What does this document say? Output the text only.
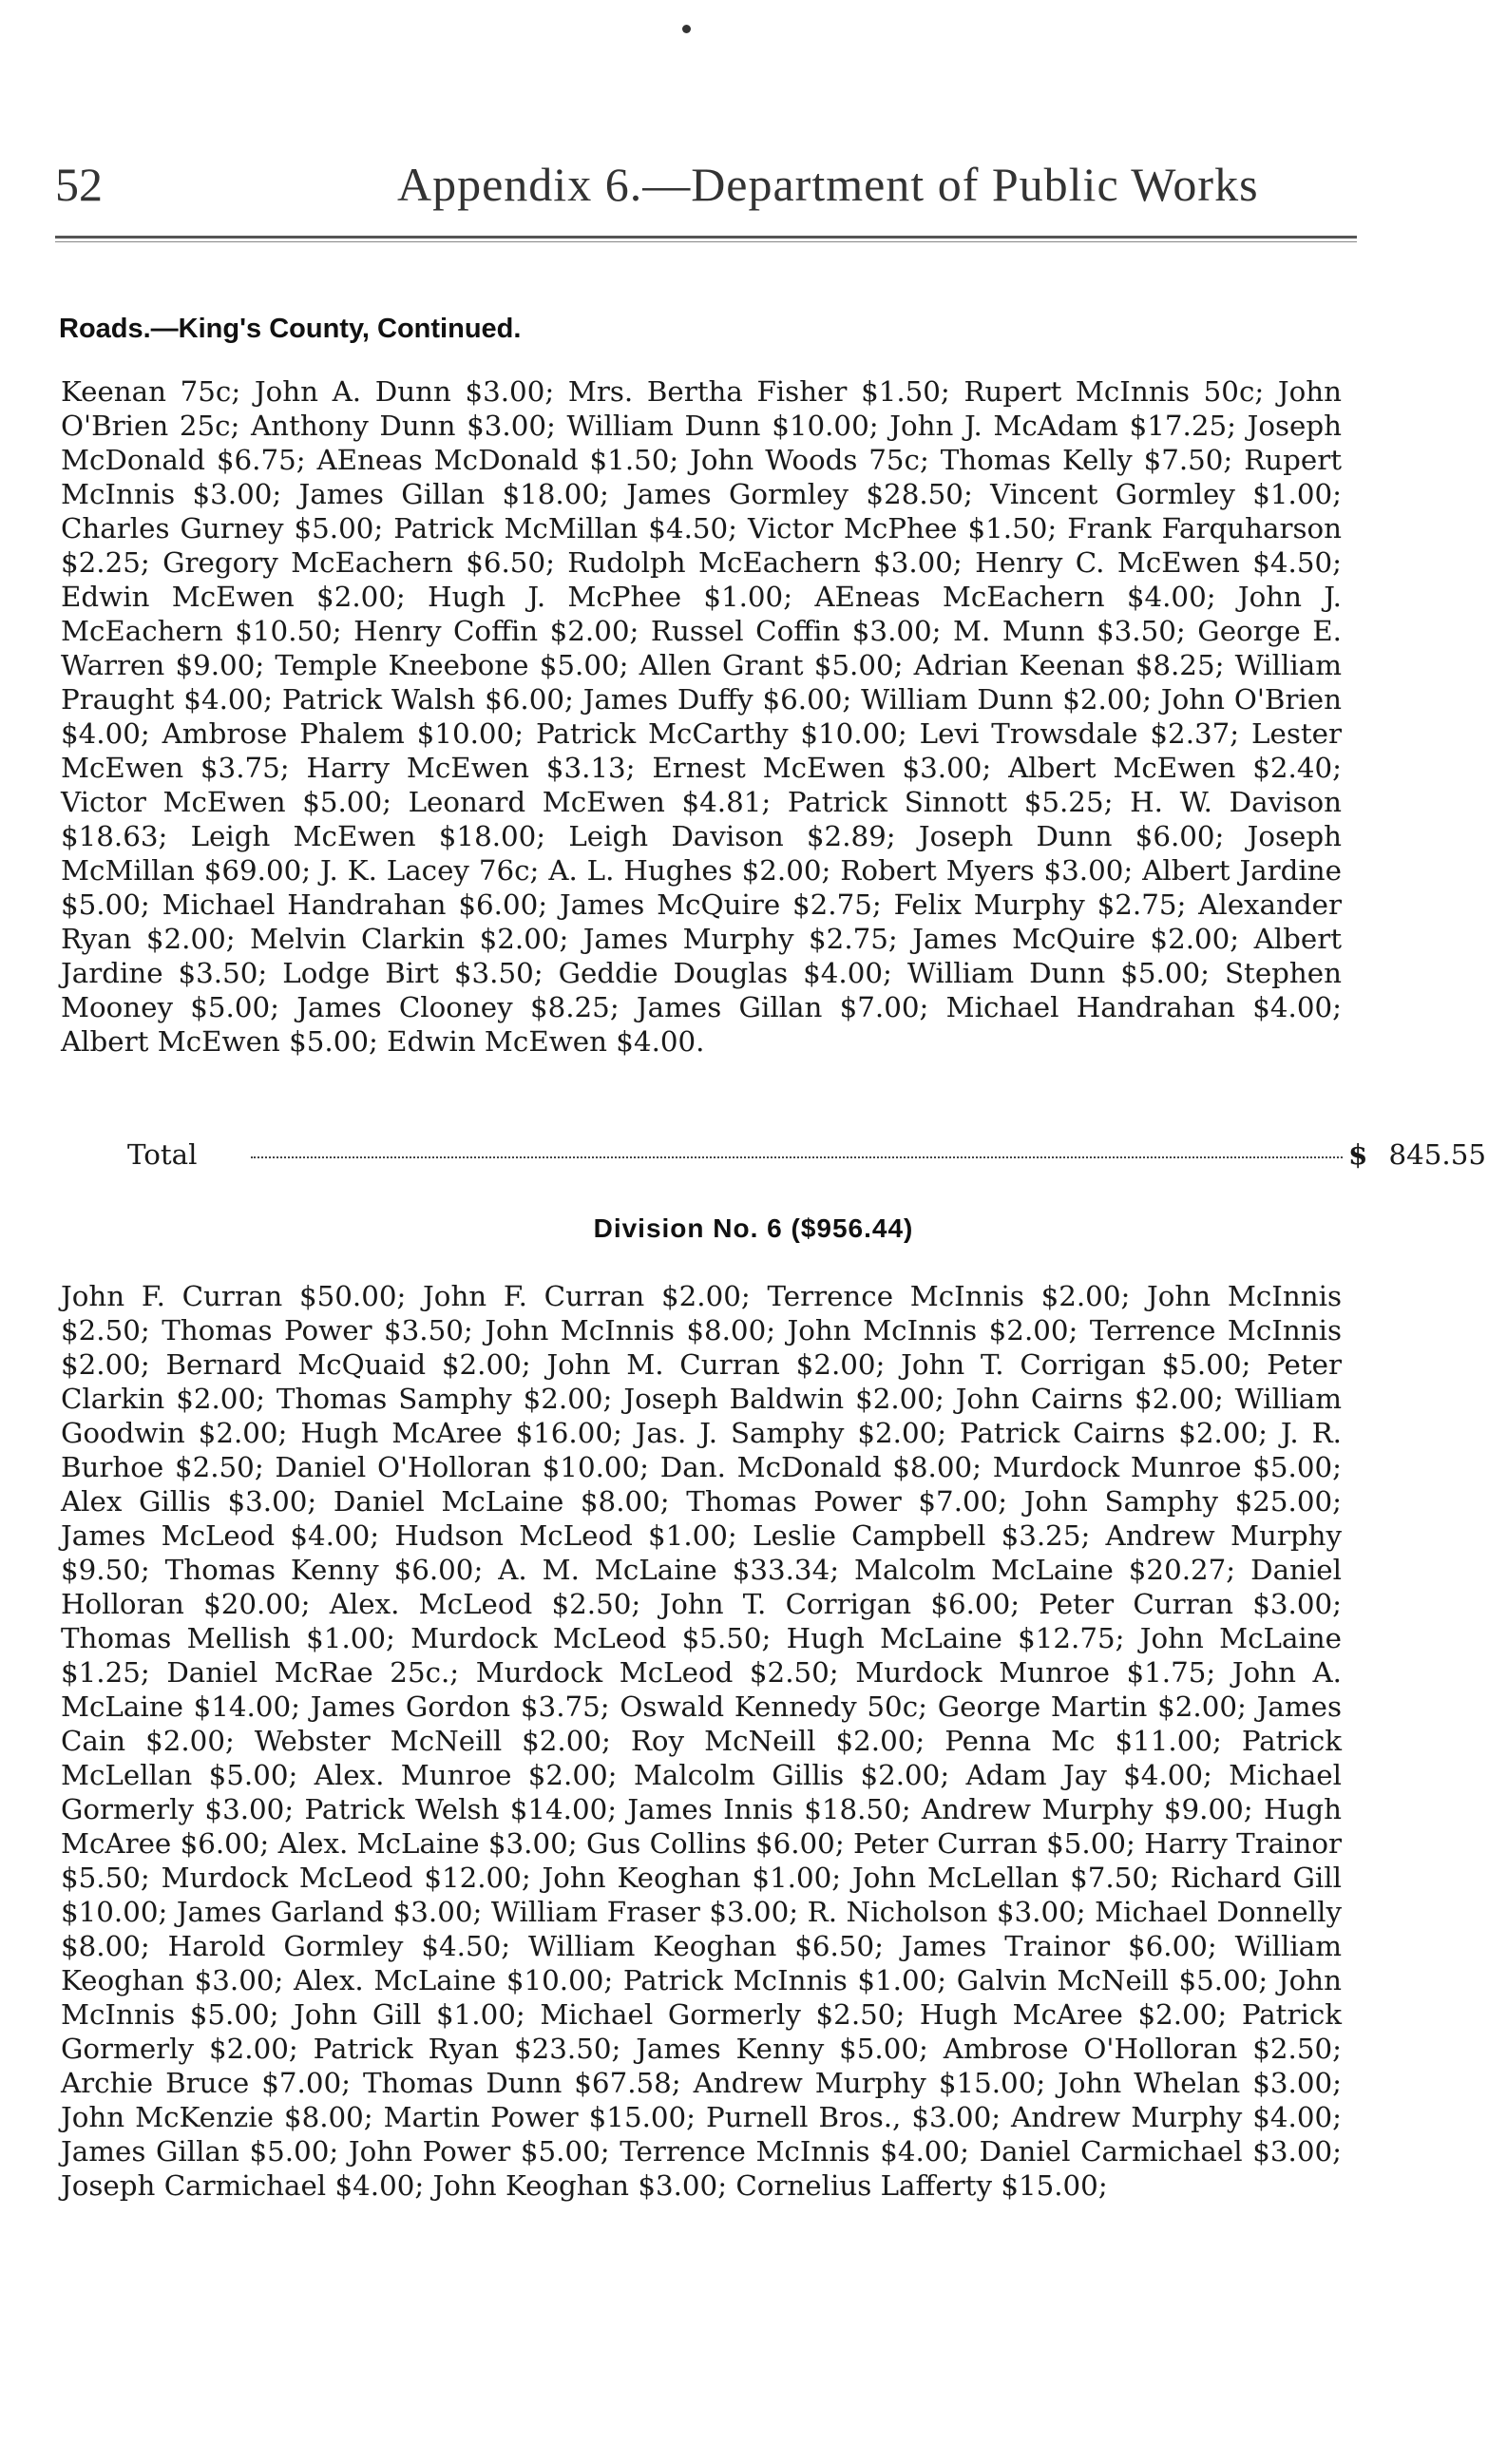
52	Appendix 6.—Department of Public Works
Roads.—King's County, Continued.
Keenan 75c; John A. Dunn $3.00; Mrs. Bertha Fisher $1.50; Rupert McInnis 50c; John O'Brien 25c; Anthony Dunn $3.00; William Dunn $10.00; John J. McAdam $17.25; Joseph McDonald $6.75; AEneas McDonald $1.50; John Woods 75c; Thomas Kelly $7.50; Rupert McInnis $3.00; James Gillan $18.00; James Gormley $28.50; Vincent Gormley $1.00; Charles Gurney $5.00; Patrick McMillan $4.50; Victor McPhee $1.50; Frank Farquharson $2.25; Gregory McEachern $6.50; Rudolph McEachern $3.00; Henry C. McEwen $4.50; Edwin McEwen $2.00; Hugh J. McPhee $1.00; AEneas McEachern $4.00; John J. McEachern $10.50; Henry Coffin $2.00; Russel Coffin $3.00; M. Munn $3.50; George E. Warren $9.00; Temple Kneebone $5.00; Allen Grant $5.00; Adrian Keenan $8.25; William Praught $4.00; Patrick Walsh $6.00; James Duffy $6.00; William Dunn $2.00; John O'Brien $4.00; Ambrose Phalem $10.00; Patrick McCarthy $10.00; Levi Trowsdale $2.37; Lester McEwen $3.75; Harry McEwen $3.13; Ernest McEwen $3.00; Albert McEwen $2.40; Victor McEwen $5.00; Leonard McEwen $4.81; Patrick Sinnott $5.25; H. W. Davison $18.63; Leigh McEwen $18.00; Leigh Davison $2.89; Joseph Dunn $6.00; Joseph McMillan $69.00; J. K. Lacey 76c; A. L. Hughes $2.00; Robert Myers $3.00; Albert Jardine $5.00; Michael Handrahan $6.00; James McQuire $2.75; Felix Murphy $2.75; Alexander Ryan $2.00; Melvin Clarkin $2.00; James Murphy $2.75; James McQuire $2.00; Albert Jardine $3.50; Lodge Birt $3.50; Geddie Douglas $4.00; William Dunn $5.00; Stephen Mooney $5.00; James Clooney $8.25; James Gillan $7.00; Michael Handrahan $4.00; Albert McEwen $5.00; Edwin McEwen $4.00.
Total	$ 845.55
Division No. 6 ($956.44)
John F. Curran $50.00; John F. Curran $2.00; Terrence McInnis $2.00; John McInnis $2.50; Thomas Power $3.50; John McInnis $8.00; John McInnis $2.00; Terrence McInnis $2.00; Bernard McQuaid $2.00; John M. Curran $2.00; John T. Corrigan $5.00; Peter Clarkin $2.00; Thomas Samphy $2.00; Joseph Baldwin $2.00; John Cairns $2.00; William Goodwin $2.00; Hugh McAree $16.00; Jas. J. Samphy $2.00; Patrick Cairns $2.00; J. R. Burhoe $2.50; Daniel O'Holloran $10.00; Dan. McDonald $8.00; Murdock Munroe $5.00; Alex Gillis $3.00; Daniel McLaine $8.00; Thomas Power $7.00; John Samphy $25.00; James McLeod $4.00; Hudson McLeod $1.00; Leslie Campbell $3.25; Andrew Murphy $9.50; Thomas Kenny $6.00; A. M. McLaine $33.34; Malcolm McLaine $20.27; Daniel Holloran $20.00; Alex. McLeod $2.50; John T. Corrigan $6.00; Peter Curran $3.00; Thomas Mellish $1.00; Murdock McLeod $5.50; Hugh McLaine $12.75; John McLaine $1.25; Daniel McRae 25c.; Murdock McLeod $2.50; Murdock Munroe $1.75; John A. McLaine $14.00; James Gordon $3.75; Oswald Kennedy 50c; George Martin $2.00; James Cain $2.00; Webster McNeill $2.00; Roy McNeill $2.00; Penna Mc $11.00; Patrick McLellan $5.00; Alex. Munroe $2.00; Malcolm Gillis $2.00; Adam Jay $4.00; Michael Gormerly $3.00; Patrick Welsh $14.00; James Innis $18.50; Andrew Murphy $9.00; Hugh McAree $6.00; Alex. McLaine $3.00; Gus Collins $6.00; Peter Curran $5.00; Harry Trainor $5.50; Murdock McLeod $12.00; John Keoghan $1.00; John McLellan $7.50; Richard Gill $10.00; James Garland $3.00; William Fraser $3.00; R. Nicholson $3.00; Michael Donnelly $8.00; Harold Gormley $4.50; William Keoghan $6.50; James Trainor $6.00; William Keoghan $3.00; Alex. McLaine $10.00; Patrick McInnis $1.00; Galvin McNeill $5.00; John McInnis $5.00; John Gill $1.00; Michael Gormerly $2.50; Hugh McAree $2.00; Patrick Gormerly $2.00; Patrick Ryan $23.50; James Kenny $5.00; Ambrose O'Holloran $2.50; Archie Bruce $7.00; Thomas Dunn $67.58; Andrew Murphy $15.00; John Whelan $3.00; John McKenzie $8.00; Martin Power $15.00; Purnell Bros., $3.00; Andrew Murphy $4.00; James Gillan $5.00; John Power $5.00; Terrence McInnis $4.00; Daniel Carmichael $3.00; Joseph Carmichael $4.00; John Keoghan $3.00; Cornelius Lafferty $15.00;
